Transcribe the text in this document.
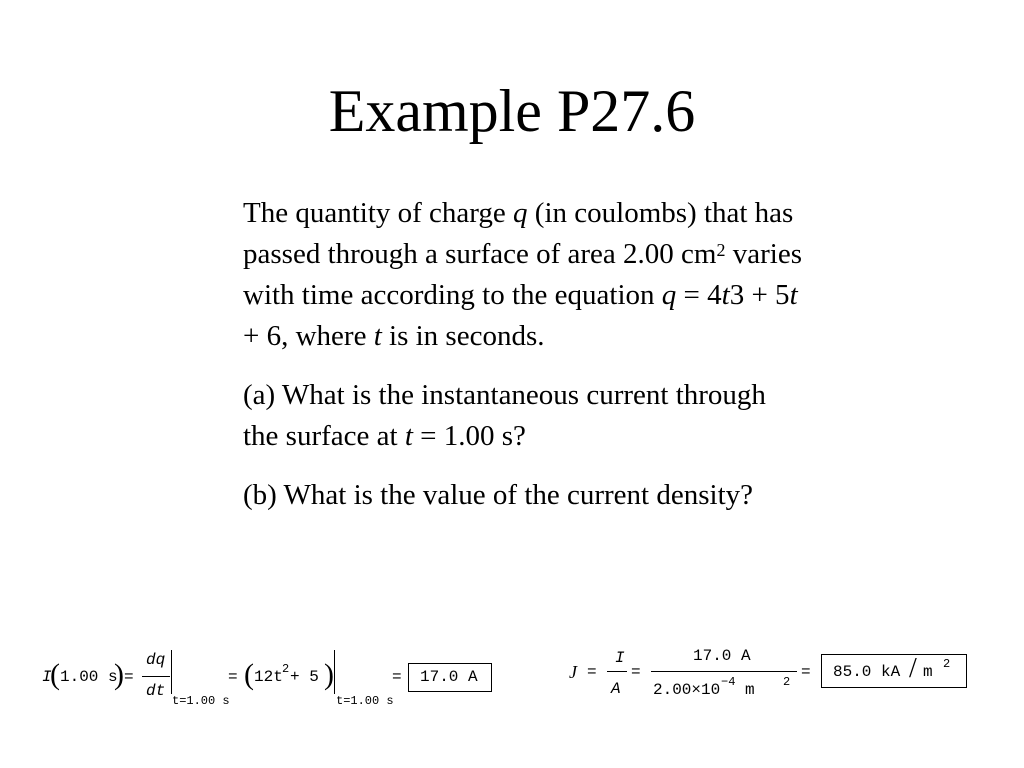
Example P27.6

The quantity of charge q (in coulombs) that has passed through a surface of area 2.00 $cm^2$ varies with time according to the equation q = 4t3 + 5t + 6, where t is in seconds.

(a) What is the instantaneous current through the surface at t = 1.00 s?

(b) What is the value of the current density?

I
( 1.00 s
) =
dq
dt
t=1.00 s
= ( 12t 2 + 5 )
t=1.00 s
= 17.0 A	J =
I
A
=
17.0 A
2.00×10 −4 m 2
= 85.0 kA / m 2
